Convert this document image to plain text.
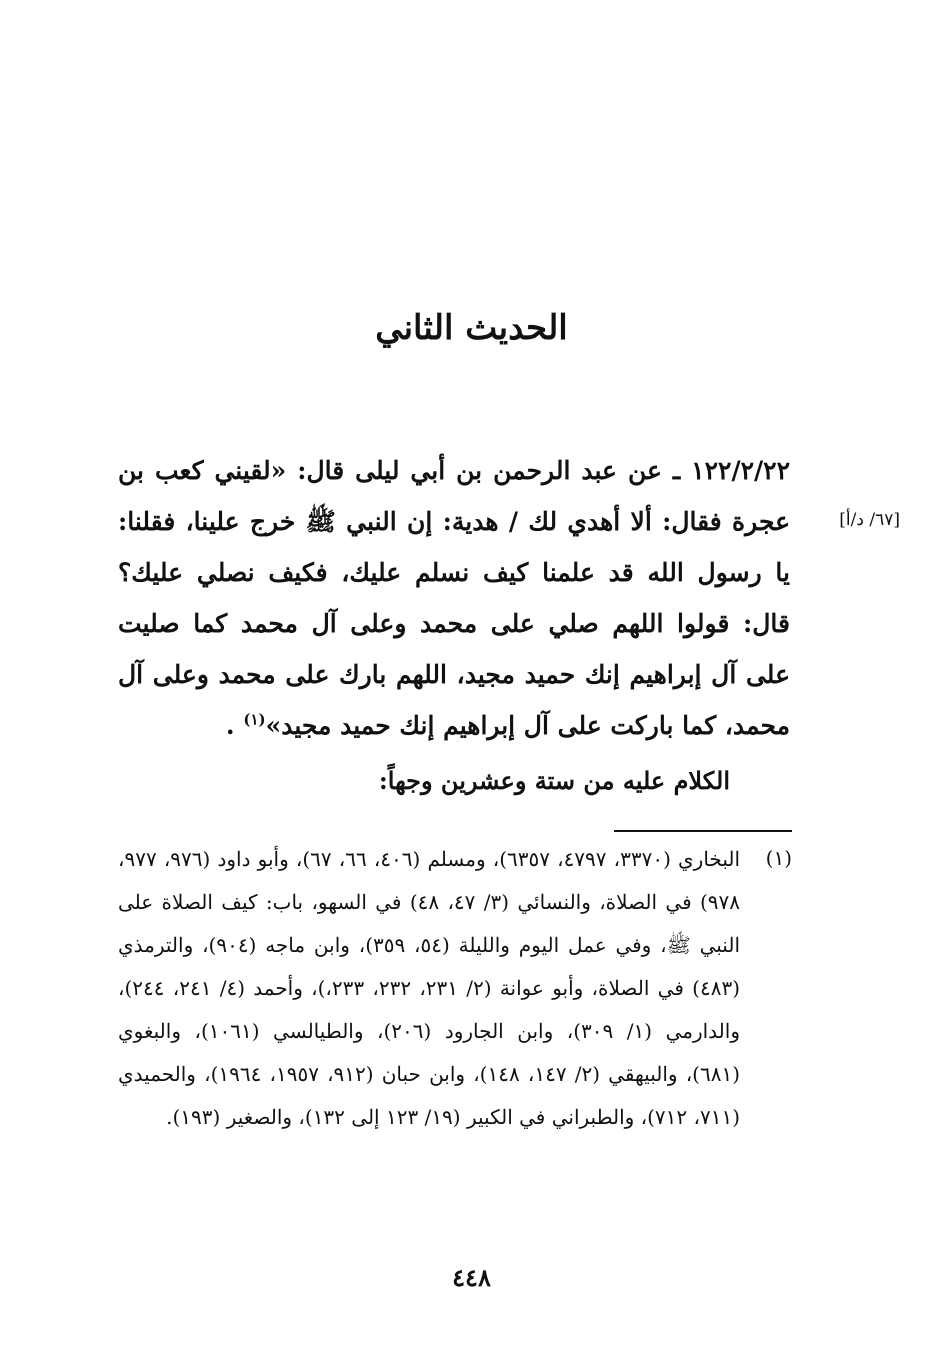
الحديث الثاني
[٦٧/ د/أ]

١٢٢/٢/٢٢ ـ عن عبد الرحمن بن أبي ليلى قال: «لقيني كعب بن عجرة فقال: ألا أهدي لك / هدية: إن النبي ﷺ خرج علينا، فقلنا: يا رسول الله قد علمنا كيف نسلم عليك، فكيف نصلي عليك؟ قال: قولوا اللهم صلي على محمد وعلى آل محمد كما صليت على آل إبراهيم إنك حميد مجيد، اللهم بارك على محمد وعلى آل محمد، كما باركت على آل إبراهيم إنك حميد مجيد»$^{(١)}$ .

الكلام عليه من ستة وعشرين وجهاً:
(١)
البخاري (٣٣٧٠، ٤٧٩٧، ٦٣٥٧)، ومسلم (٤٠٦، ٦٦، ٦٧)، وأبو داود (٩٧٦، ٩٧٧، ٩٧٨) في الصلاة، والنسائي (٣/ ٤٧، ٤٨) في السهو، باب: كيف الصلاة على النبي ﷺ، وفي عمل اليوم والليلة (٥٤، ٣٥٩)، وابن ماجه (٩٠٤)، والترمذي (٤٨٣) في الصلاة، وأبو عوانة (٢/ ٢٣١، ٢٣٢، ٢٣٣،)، وأحمد (٤/ ٢٤١، ٢٤٤)، والدارمي (١/ ٣٠٩)، وابن الجارود (٢٠٦)، والطيالسي (١٠٦١)، والبغوي (٦٨١)، والبيهقي (٢/ ١٤٧، ١٤٨)، وابن حبان (٩١٢، ١٩٥٧، ١٩٦٤)، والحميدي (٧١١، ٧١٢)، والطبراني في الكبير (١٩/ ١٢٣ إلى ١٣٢)، والصغير (١٩٣).
٤٤٨
